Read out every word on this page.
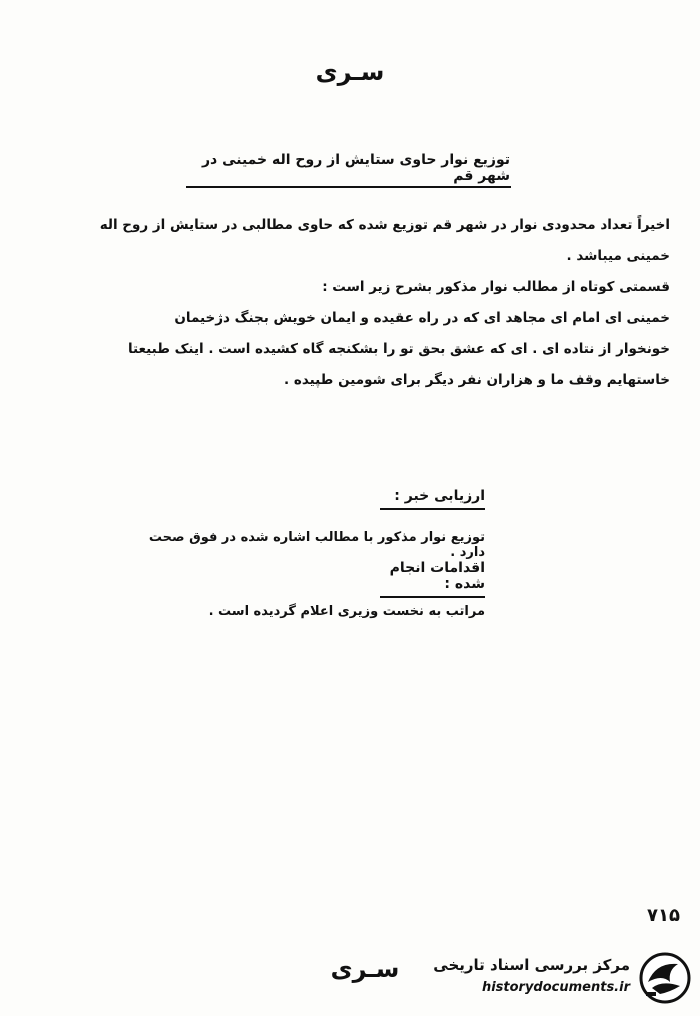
سـری
توزیع نوار حاوی ستایش از روح اله خمینی در شهر قم

اخیراً تعداد محدودی نوار در شهر قم توزیع شده که حاوی مطالبی در ستایش از روح اله

خمینی میباشد .

قسمتی کوتاه از مطالب نوار مذکور بشرح زیر است :

خمینی ای امام ای مجاهد ای که در راه عقیده و ایمان خویش بجنگ دژخیمان

خونخوار از نتاده ای . ای که عشق بحق تو را بشکنجه گاه کشیده است . اینک طبیعتا

خاستهایم وقف ما و هزاران نفر دیگر برای شومین طپیده .

ارزیابی خبر :
توزیع نوار مذکور با مطالب اشاره شده در فوق صحت دارد .
اقدامات انجام شده :
مراتب به نخست وزیری اعلام گردیده است .
۷۱۵
سـری	مرکز بررسی اسناد تاریخی
historydocuments.ir
